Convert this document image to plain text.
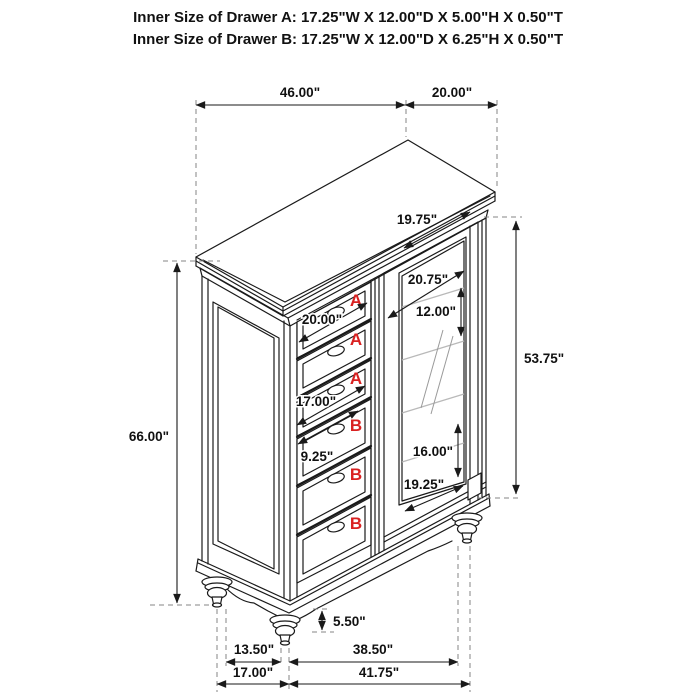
Inner Size of Drawer A: 17.25"W X 12.00"D X 5.00"H X 0.50"T
Inner Size of Drawer B: 17.25"W X 12.00"D X 6.25"H X 0.50"T
A
A
A
B
B
B
46.00"	20.00"
66.00"
53.75"
19.75"
20.75"
12.00"
20.00"
17.00"
9.25"	16.00"
19.25"
5.50"
13.50"	38.50"
17.00"	41.75"
